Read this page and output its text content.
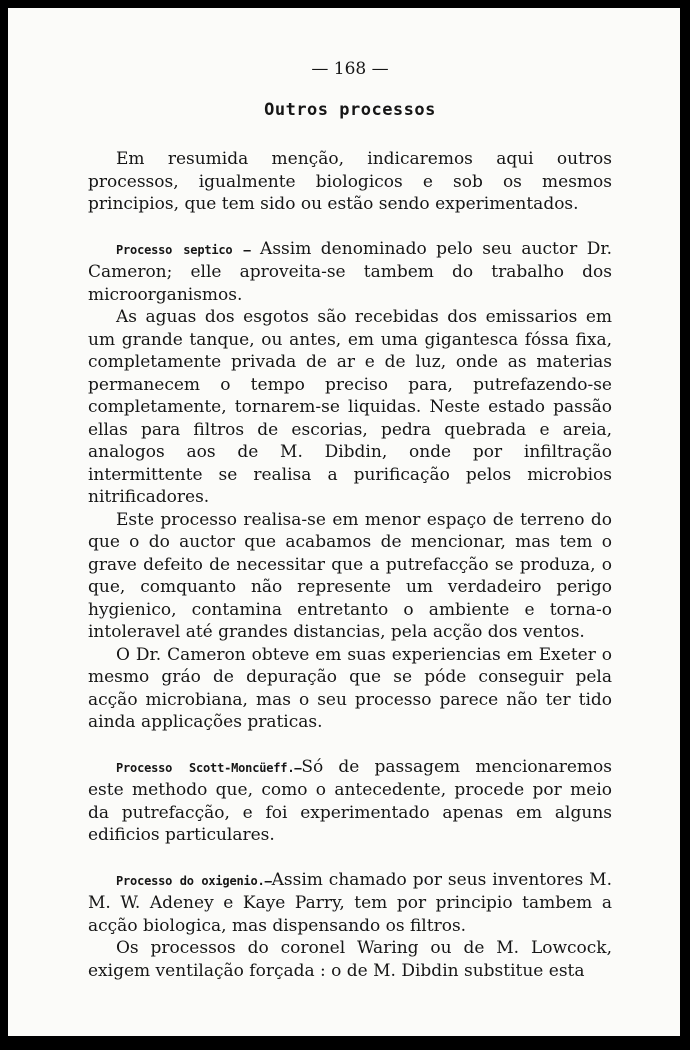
— 168 —
Outros processos

Em resumida menção, indicaremos aqui outros processos, igualmente biologicos e sob os mesmos principios, que tem sido ou estão sendo experimentados.

Processo septico — Assim denominado pelo seu auctor Dr. Cameron; elle aproveita-se tambem do trabalho dos microorganismos.

As aguas dos esgotos são recebidas dos emissarios em um grande tanque, ou antes, em uma gigantesca fóssa fixa, completamente privada de ar e de luz, onde as materias permanecem o tempo preciso para, putrefazendo-se completamente, tornarem-se liquidas. Neste estado passão ellas para filtros de escorias, pedra quebrada e areia, analogos aos de M. Dibdin, onde por infiltração intermittente se realisa a purificação pelos microbios nitrificadores.

Este processo realisa-se em menor espaço de terreno do que o do auctor que acabamos de mencionar, mas tem o grave defeito de necessitar que a putrefacção se produza, o que, comquanto não represente um verdadeiro perigo hygienico, contamina entretanto o ambiente e torna-o intoleravel até grandes distancias, pela acção dos ventos.

O Dr. Cameron obteve em suas experiencias em Exeter o mesmo gráo de depuração que se póde conseguir pela acção microbiana, mas o seu processo parece não ter tido ainda applicações praticas.

Processo Scott-Moncüeff.—Só de passagem mencionaremos este methodo que, como o antecedente, procede por meio da putrefacção, e foi experimentado apenas em alguns edificios particulares.

Processo do oxigenio.—Assim chamado por seus inventores M. M. W. Adeney e Kaye Parry, tem por principio tambem a acção biologica, mas dispensando os filtros.

Os processos do coronel Waring ou de M. Lowcock, exigem ventilação forçada : o de M. Dibdin substitue esta
